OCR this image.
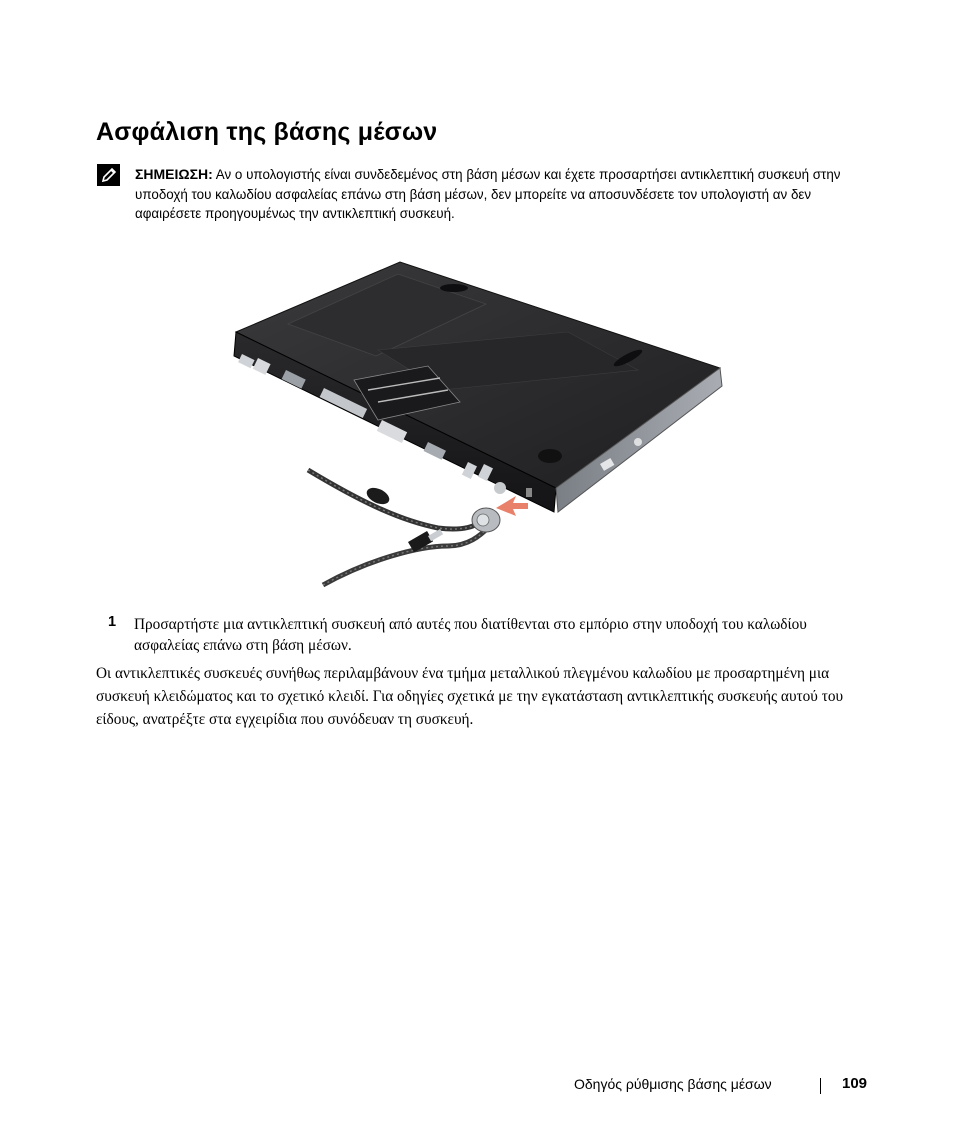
Ασφάλιση της βάσης μέσων
ΣΗΜΕΙΩΣΗ: Αν ο υπολογιστής είναι συνδεδεμένος στη βάση μέσων και έχετε προσαρτήσει αντικλεπτική συσκευή στην υποδοχή του καλωδίου ασφαλείας επάνω στη βάση μέσων, δεν μπορείτε να αποσυνδέσετε τον υπολογιστή αν δεν αφαιρέσετε προηγουμένως την αντικλεπτική συσκευή.
1 Προσαρτήστε μια αντικλεπτική συσκευή από αυτές που διατίθενται στο εμπόριο στην υποδοχή του καλωδίου ασφαλείας επάνω στη βάση μέσων.

Οι αντικλεπτικές συσκευές συνήθως περιλαμβάνουν ένα τμήμα μεταλλικού πλεγμένου καλωδίου με προσαρτημένη μια συσκευή κλειδώματος και το σχετικό κλειδί. Για οδηγίες σχετικά με την εγκατάσταση αντικλεπτικής συσκευής αυτού του είδους, ανατρέξτε στα εγχειρίδια που συνόδευαν τη συσκευή.

Οδηγός ρύθμισης βάσης μέσων	109
